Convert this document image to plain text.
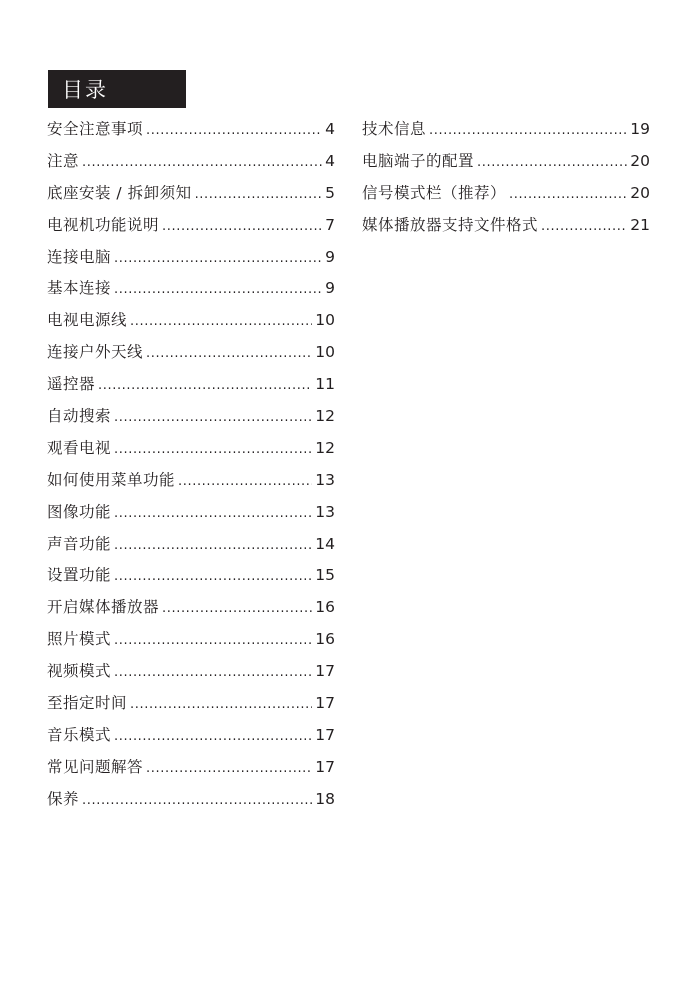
目录
安全注意事项 .....	4
注意 .....	4
底座安装 / 拆卸须知 .....	5
电视机功能说明 .....	7
连接电脑 .....	9
基本连接 .....	9
电视电源线 .....	10
连接户外天线 .....	10
遥控器 .....	11
自动搜索 .....	12
观看电视 .....	12
如何使用菜单功能 .....	13
图像功能 .....	13
声音功能 .....	14
设置功能 .....	15
开启媒体播放器 .....	16
照片模式 .....	16
视频模式 .....	17
至指定时间 .....	17
音乐模式 .....	17
常见问题解答 .....	17
保养 .....	18
技术信息 .....	19
电脑端子的配置 .....	20
信号模式栏（推荐） .....	20
媒体播放器支持文件格式 .....	21
